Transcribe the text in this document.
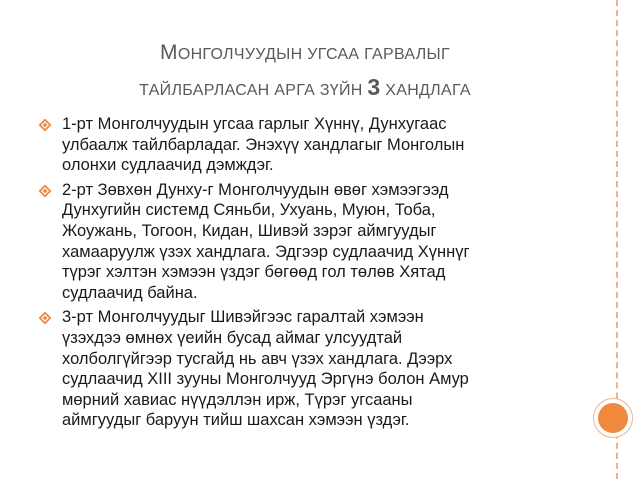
МОНГОЛЧУУДЫН УГСАА ГАРВАЛЫГ
ТАЙЛБАРЛАСАН АРГА ЗҮЙН 3 ХАНДЛАГА
1-рт Монголчуудын угсаа гарлыг Хүннү, Дунхугаас
улбаалж тайлбарладаг. Энэхүү хандлагыг Монголын
олонхи судлаачид дэмждэг.
2-рт Зөвхөн Дунху-г Монголчуудын өвөг хэмээгээд
Дунхугийн системд Сяньби, Ухуань, Муюн, Тоба,
Жоужань, Тогоон, Кидан, Шивэй зэрэг аймгуудыг
хамааруулж үзэх хандлага. Эдгээр судлаачид Хүннүг
түрэг хэлтэн хэмээн үздэг бөгөөд гол төлөв Хятад
судлаачид байна.
3-рт Монголчуудыг Шивэйгээс гаралтай хэмээн
үзэхдээ өмнөх үеийн бусад аймаг улсуудтай
холболгүйгээр тусгайд нь авч үзэх хандлага. Дээрх
судлаачид XIII зууны Монголчууд Эргүнэ болон Амур
мөрний хавиас нүүдэллэн ирж, Түрэг угсааны
аймгуудыг баруун тийш шахсан хэмээн үздэг.
